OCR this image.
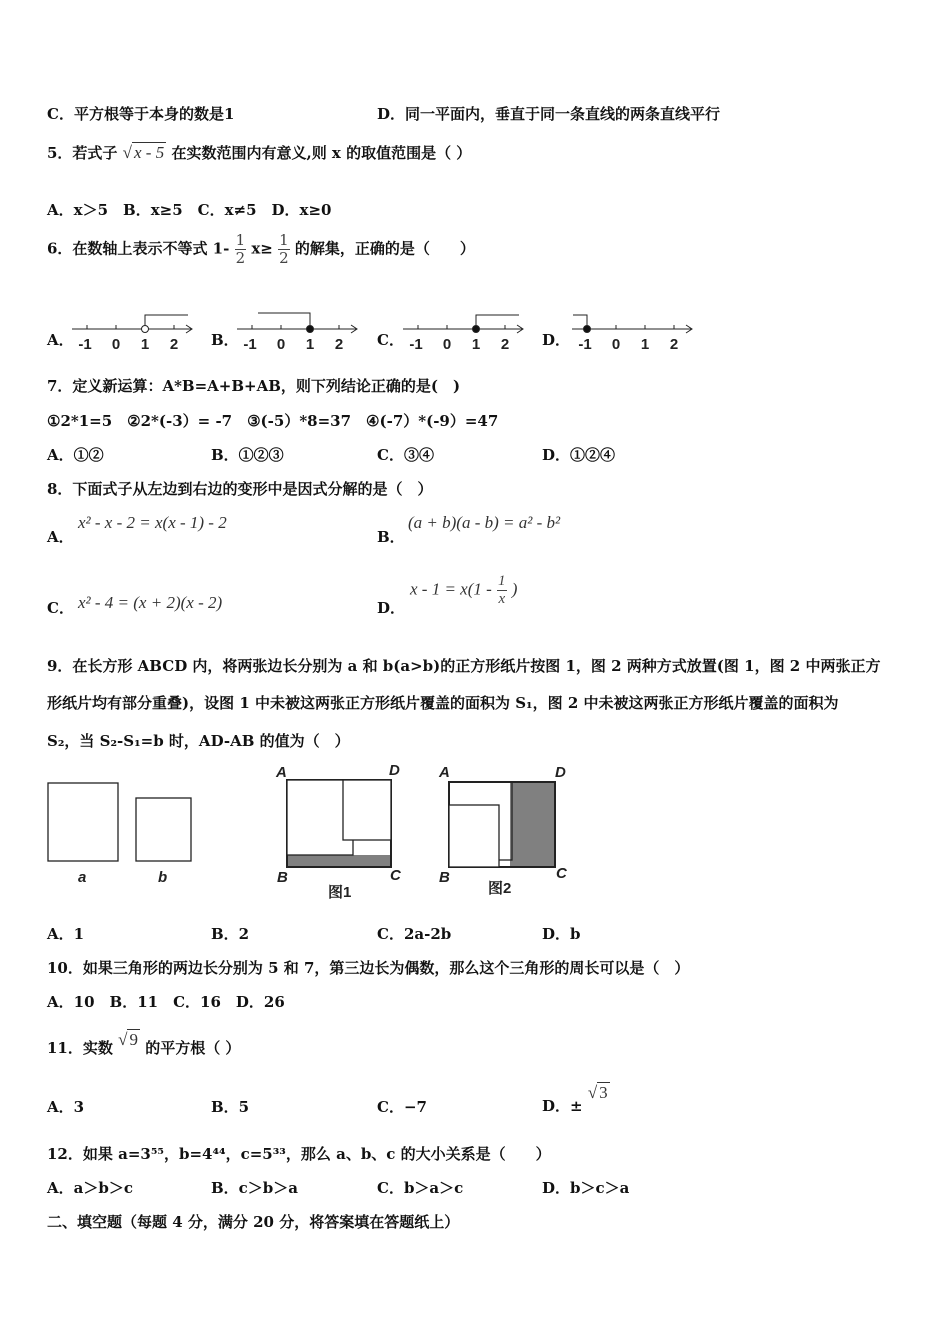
C．平方根等于本身的数是1	D．同一平面内，垂直于同一条直线的两条直线平行
5．若式子 √ x - 5 在实数范围内有意义,则 x 的取值范围是（ ）
A．x＞5　B．x≥5　C．x≠5　D．x≥0
6．在数轴上表示不等式 $1- \frac{1}{2} x\ge \frac{1}{2}$ 的解集，正确的是（　　）
A．	B．	C．	D．
-1 0 1 2	-1 0 1 2	-1 0 1 2	-1 0 1 2
7．定义新运算：A*B=A+B+AB，则下列结论正确的是(　)
①2*1=5　②2*(-3）= -7　③(-5）*8=37　④(-7）*(-9）=47
A．①②	B．①②③	C．③④	D．①②④
8．下面式子从左边到右边的变形中是因式分解的是（　）
A．
x² - x - 2 = x(x - 1) - 2
B．
(a + b)(a - b) = a² - b²
C． x² - 4 = (x + 2)(x - 2)	D．
$x - 1 = x(1 - \frac{1}{x}$ )
9．在长方形 ABCD 内，将两张边长分别为 a 和 b(a>b)的正方形纸片按图 1，图 2 两种方式放置(图 1，图 2 中两张正方
形纸片均有部分重叠)，设图 1 中未被这两张正方形纸片覆盖的面积为 S₁，图 2 中未被这两张正方形纸片覆盖的面积为
S₂，当 S₂-S₁=b 时，AD-AB 的值为（　）
a	b
A	D
B	C
A	D
B	C
图1	图2
A．1	B．2	C．2a-2b	D．b
10．如果三角形的两边长分别为 5 和 7，第三边长为偶数，那么这个三角形的周长可以是（　）
A．10　B．11　C．16　D．26
11．实数 √ 9 的平方根（ ）
A．3	B．5	C．−7	D．± √ 3
12．如果 a=3⁵⁵，b=4⁴⁴，c=5³³，那么 a、b、c 的大小关系是（　　）
A．a＞b＞c	B．c＞b＞a	C．b＞a＞c	D．b＞c＞a
二、填空题（每题 4 分，满分 20 分，将答案填在答题纸上）
